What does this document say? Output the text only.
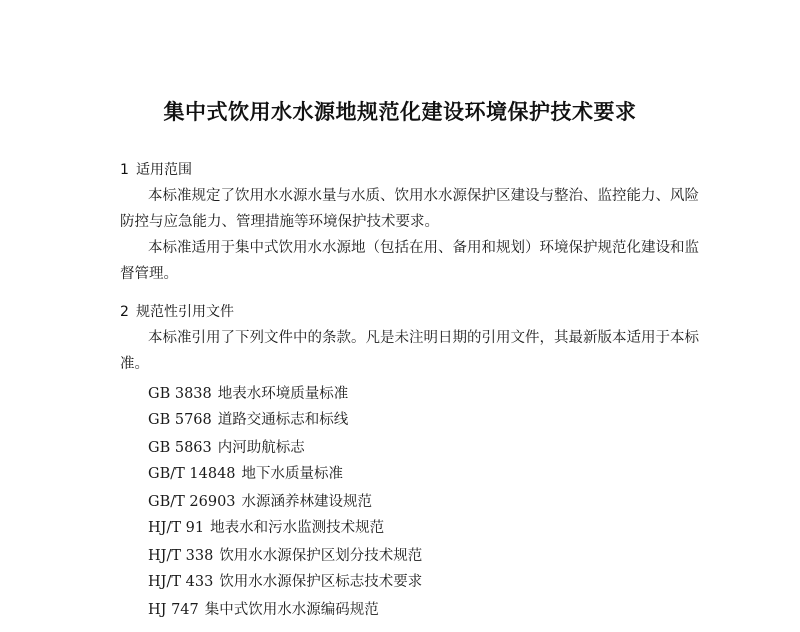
集中式饮用水水源地规范化建设环境保护技术要求
1 适用范围
本标准规定了饮用水水源水量与水质、饮用水水源保护区建设与整治、监控能力、风险
防控与应急能力、管理措施等环境保护技术要求。
本标准适用于集中式饮用水水源地（包括在用、备用和规划）环境保护规范化建设和监
督管理。
2 规范性引用文件
本标准引用了下列文件中的条款。凡是未注明日期的引用文件，其最新版本适用于本标
准。
GB 3838 地表水环境质量标准
GB 5768 道路交通标志和标线
GB 5863 内河助航标志
GB/T 14848 地下水质量标准
GB/T 26903 水源涵养林建设规范
HJ/T 91 地表水和污水监测技术规范
HJ/T 338 饮用水水源保护区划分技术规范
HJ/T 433 饮用水水源保护区标志技术要求
HJ 747 集中式饮用水水源编码规范
